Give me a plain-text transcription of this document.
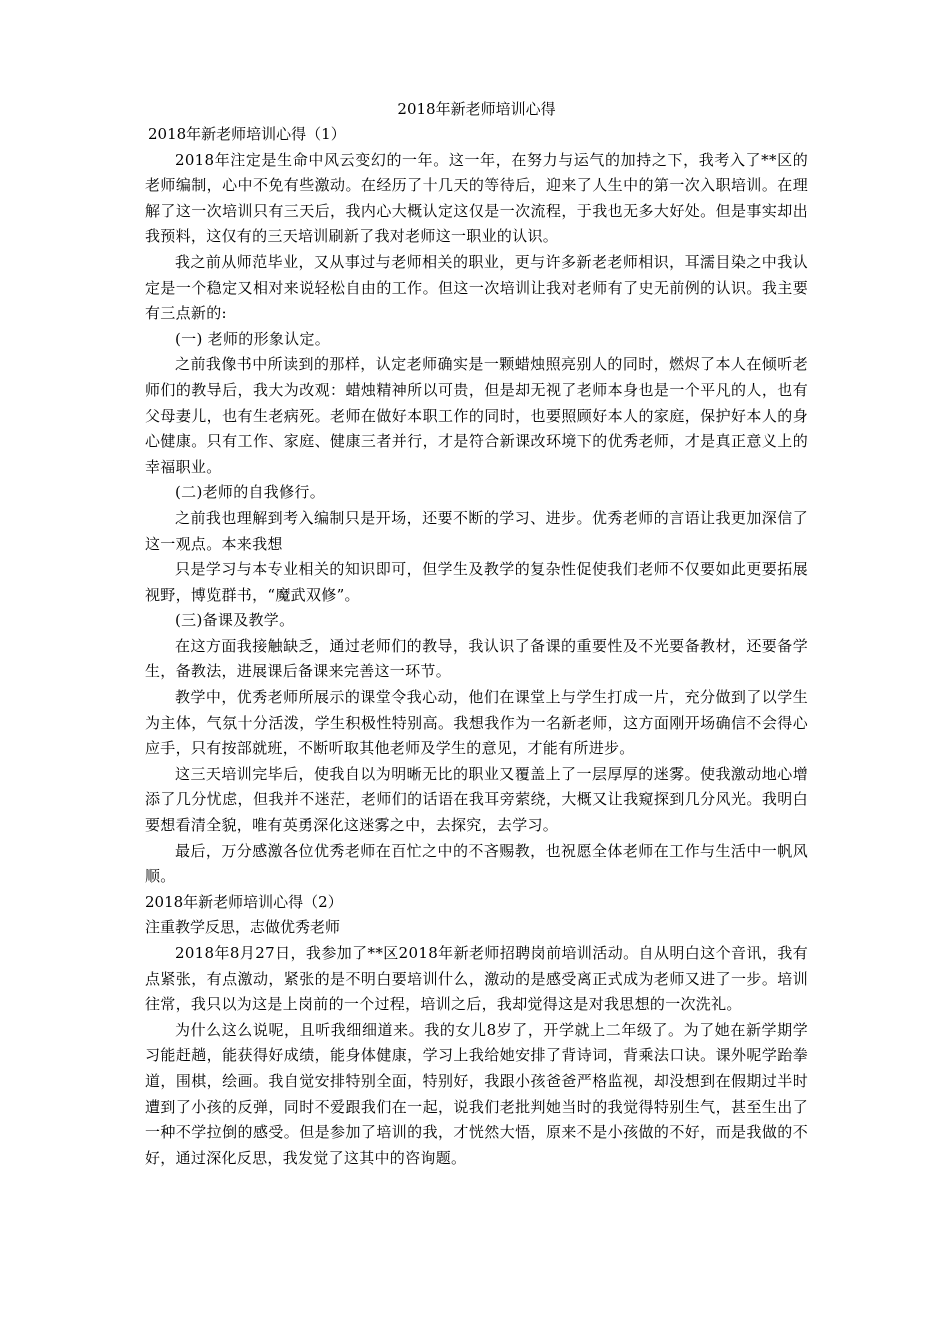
2018年新老师培训心得

2018年新老师培训心得（1）

2018年注定是生命中风云变幻的一年。这一年，在努力与运气的加持之下，我考入了**区的老师编制，心中不免有些激动。在经历了十几天的等待后，迎来了人生中的第一次入职培训。在理解了这一次培训只有三天后，我内心大概认定这仅是一次流程，于我也无多大好处。但是事实却出我预料，这仅有的三天培训刷新了我对老师这一职业的认识。

我之前从师范毕业，又从事过与老师相关的职业，更与许多新老老师相识，耳濡目染之中我认定是一个稳定又相对来说轻松自由的工作。但这一次培训让我对老师有了史无前例的认识。我主要有三点新的:

(一) 老师的形象认定。

之前我像书中所读到的那样，认定老师确实是一颗蜡烛照亮别人的同时，燃烬了本人在倾听老师们的教导后，我大为改观：蜡烛精神所以可贵，但是却无视了老师本身也是一个平凡的人，也有父母妻儿，也有生老病死。老师在做好本职工作的同时，也要照顾好本人的家庭，保护好本人的身心健康。只有工作、家庭、健康三者并行，才是符合新课改环境下的优秀老师，才是真正意义上的幸福职业。

(二)老师的自我修行。

之前我也理解到考入编制只是开场，还要不断的学习、进步。优秀老师的言语让我更加深信了这一观点。本来我想

只是学习与本专业相关的知识即可，但学生及教学的复杂性促使我们老师不仅要如此更要拓展视野，博览群书，“魔武双修”。

(三)备课及教学。

在这方面我接触缺乏，通过老师们的教导，我认识了备课的重要性及不光要备教材，还要备学生，备教法，进展课后备课来完善这一环节。

教学中，优秀老师所展示的课堂令我心动，他们在课堂上与学生打成一片，充分做到了以学生为主体，气氛十分活泼，学生积极性特别高。我想我作为一名新老师，这方面刚开场确信不会得心应手，只有按部就班，不断听取其他老师及学生的意见，才能有所进步。

这三天培训完毕后，使我自以为明晰无比的职业又覆盖上了一层厚厚的迷雾。使我激动地心增添了几分忧虑，但我并不迷茫，老师们的话语在我耳旁萦绕，大概又让我窥探到几分风光。我明白要想看清全貌，唯有英勇深化这迷雾之中，去探究，去学习。

最后，万分感激各位优秀老师在百忙之中的不吝赐教，也祝愿全体老师在工作与生活中一帆风顺。

2018年新老师培训心得（2）

注重教学反思，志做优秀老师

2018年8月27日，我参加了**区2018年新老师招聘岗前培训活动。自从明白这个音讯，我有点紧张，有点激动，紧张的是不明白要培训什么，激动的是感受离正式成为老师又进了一步。培训往常，我只以为这是上岗前的一个过程，培训之后，我却觉得这是对我思想的一次洗礼。

为什么这么说呢，且听我细细道来。我的女儿8岁了，开学就上二年级了。为了她在新学期学习能赶趟，能获得好成绩，能身体健康，学习上我给她安排了背诗词，背乘法口诀。课外呢学跆拳道，围棋，绘画。我自觉安排特别全面，特别好，我跟小孩爸爸严格监视，却没想到在假期过半时遭到了小孩的反弹，同时不爱跟我们在一起，说我们老批判她当时的我觉得特别生气，甚至生出了一种不学拉倒的感受。但是参加了培训的我，才恍然大悟，原来不是小孩做的不好，而是我做的不好，通过深化反思，我发觉了这其中的咨询题。
